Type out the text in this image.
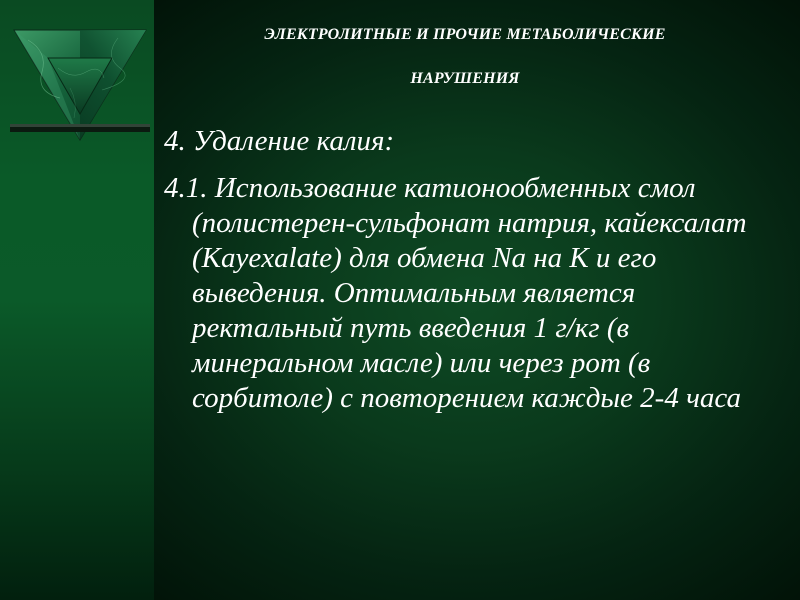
ЭЛЕКТРОЛИТНЫЕ И ПРОЧИЕ МЕТАБОЛИЧЕСКИЕ

НАРУШЕНИЯ

4. Удаление калия:

4.1. Использование катионообменных смол (полистерен-сульфонат натрия, кайексалат (Kayexalate) для обмена Na на К и его выведения. Оптимальным является ректальный путь введения 1 г/кг (в минеральном масле) или через рот (в сорбитоле) с повторением каждые 2-4 часа
